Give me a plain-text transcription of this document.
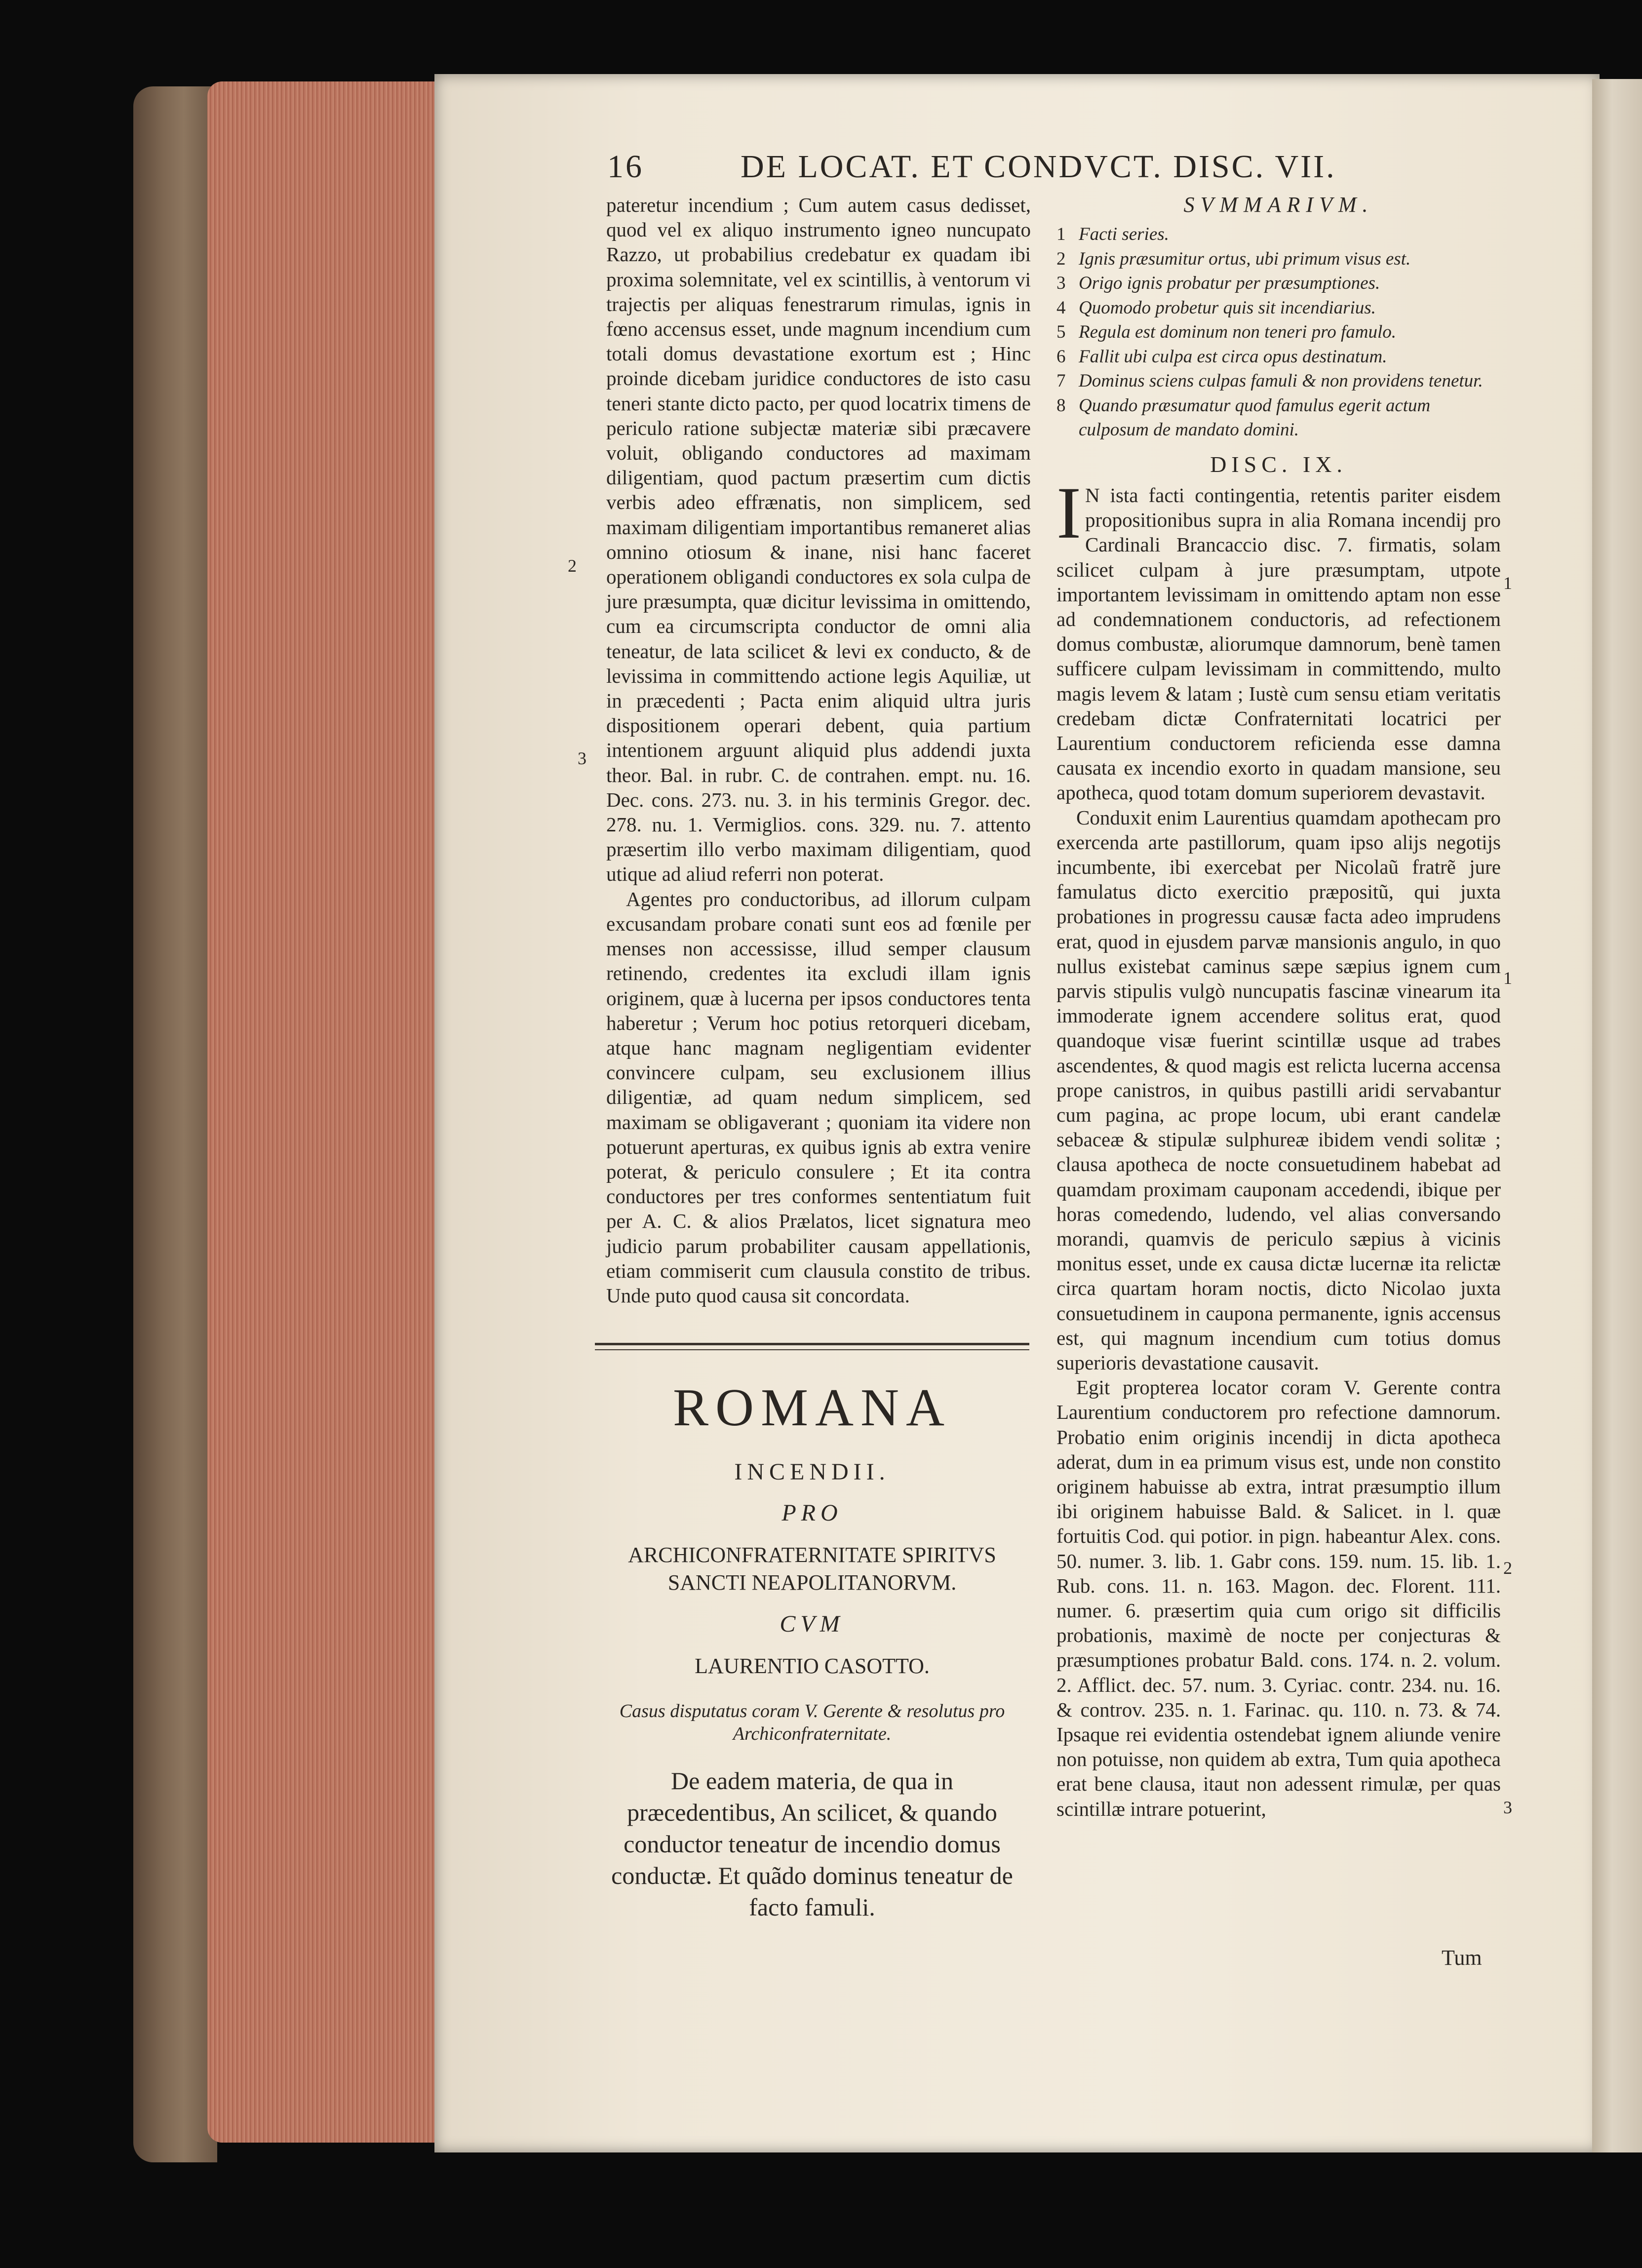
16	DE LOCAT. ET CONDVCT. DISC. VII.

pateretur incendium ; Cum autem casus dedisset, quod vel ex aliquo instrumento igneo nuncupato Razzo, ut probabilius credebatur ex quadam ibi proxima solemnitate, vel ex scintillis, à ventorum vi trajectis per aliquas fenestrarum rimulas, ignis in fœno accensus esset, unde magnum incendium cum totali domus devastatione exortum est ; Hinc proinde dicebam juridice conductores de isto casu teneri stante dicto pacto, per quod locatrix timens de periculo ratione subjectæ materiæ sibi præcavere voluit, obligando conductores ad maximam diligentiam, quod pactum præsertim cum dictis verbis adeo effrænatis, non simplicem, sed maximam diligentiam importantibus remaneret alias omnino otiosum & inane, nisi hanc faceret operationem obligandi conductores ex sola culpa de jure præsumpta, quæ dicitur levissima in omittendo, cum ea circumscripta conductor de omni alia teneatur, de lata scilicet & levi ex conducto, & de levissima in committendo actione legis Aquiliæ, ut in præcedenti ; Pacta enim aliquid ultra juris dispositionem operari debent, quia partium intentionem arguunt aliquid plus addendi juxta theor. Bal. in rubr. C. de contrahen. empt. nu. 16. Dec. cons. 273. nu. 3. in his terminis Gregor. dec. 278. nu. 1. Vermiglios. cons. 329. nu. 7. attento præsertim illo verbo maximam diligentiam, quod utique ad aliud referri non poterat.

Agentes pro conductoribus, ad illorum culpam excusandam probare conati sunt eos ad fœnile per menses non accessisse, illud semper clausum retinendo, credentes ita excludi illam ignis originem, quæ à lucerna per ipsos conductores tenta haberetur ; Verum hoc potius retorqueri dicebam, atque hanc magnam negligentiam evidenter convincere culpam, seu exclusionem illius diligentiæ, ad quam nedum simplicem, sed maximam se obligaverant ; quoniam ita videre non potuerunt aperturas, ex quibus ignis ab extra venire poterat, & periculo consulere ; Et ita contra conductores per tres conformes sententiatum fuit per A. C. & alios Prælatos, licet signatura meo judicio parum probabiliter causam appellationis, etiam commiserit cum clausula constito de tribus. Unde puto quod causa sit concordata.

2
3
ROMANA
INCENDII.
PRO
ARCHICONFRATERNITATE SPIRITVS SANCTI NEAPOLITANORVM.
CVM
LAURENTIO CASOTTO.
Casus disputatus coram V. Gerente & resolutus pro Archiconfraternitate.
De eadem materia, de qua in præcedentibus, An scilicet, & quando conductor teneatur de incendio domus conductæ. Et quãdo dominus teneatur de facto famuli.
SVMMARIVM.
1 Facti series.
2 Ignis præsumitur ortus, ubi primum visus est.
3 Origo ignis probatur per præsumptiones.
4 Quomodo probetur quis sit incendiarius.
5 Regula est dominum non teneri pro famulo.
6 Fallit ubi culpa est circa opus destinatum.
7 Dominus sciens culpas famuli & non providens tenetur.
8 Quando præsumatur quod famulus egerit actum culposum de mandato domini.
DISC. IX.

I N ista facti contingentia, retentis pariter eisdem propositionibus supra in alia Romana incendij pro Cardinali Brancaccio disc. 7. firmatis, solam scilicet culpam à jure præsumptam, utpote importantem levissimam in omittendo aptam non esse ad condemnationem conductoris, ad refectionem domus combustæ, aliorumque damnorum, benè tamen sufficere culpam levissimam in committendo, multo magis levem & latam ; Iustè cum sensu etiam veritatis credebam dictæ Confraternitati locatrici per Laurentium conductorem reficienda esse damna causata ex incendio exorto in quadam mansione, seu apotheca, quod totam domum superiorem devastavit.

Conduxit enim Laurentius quamdam apothecam pro exercenda arte pastillorum, quam ipso alijs negotijs incumbente, ibi exercebat per Nicolaũ fratrẽ jure famulatus dicto exercitio præpositũ, qui juxta probationes in progressu causæ facta adeo imprudens erat, quod in ejusdem parvæ mansionis angulo, in quo nullus existebat caminus sæpe sæpius ignem cum parvis stipulis vulgò nuncupatis fascinæ vinearum ita immoderate ignem accendere solitus erat, quod quandoque visæ fuerint scintillæ usque ad trabes ascendentes, & quod magis est relicta lucerna accensa prope canistros, in quibus pastilli aridi servabantur cum pagina, ac prope locum, ubi erant candelæ sebaceæ & stipulæ sulphureæ ibidem vendi solitæ ; clausa apotheca de nocte consuetudinem habebat ad quamdam proximam cauponam accedendi, ibique per horas comedendo, ludendo, vel alias conversando morandi, quamvis de periculo sæpius à vicinis monitus esset, unde ex causa dictæ lucernæ ita relictæ circa quartam horam noctis, dicto Nicolao juxta consuetudinem in caupona permanente, ignis accensus est, qui magnum incendium cum totius domus superioris devastatione causavit.

Egit propterea locator coram V. Gerente contra Laurentium conductorem pro refectione damnorum. Probatio enim originis incendij in dicta apotheca aderat, dum in ea primum visus est, unde non constito originem habuisse ab extra, intrat præsumptio illum ibi originem habuisse Bald. & Salicet. in l. quæ fortuitis Cod. qui potior. in pign. habeantur Alex. cons. 50. numer. 3. lib. 1. Gabr cons. 159. num. 15. lib. 1. Rub. cons. 11. n. 163. Magon. dec. Florent. 111. numer. 6. præsertim quia cum origo sit difficilis probationis, maximè de nocte per conjecturas & præsumptiones probatur Bald. cons. 174. n. 2. volum. 2. Afflict. dec. 57. num. 3. Cyriac. contr. 234. nu. 16. & controv. 235. n. 1. Farinac. qu. 110. n. 73. & 74. Ipsaque rei evidentia ostendebat ignem aliunde venire non potuisse, non quidem ab extra, Tum quia apotheca erat bene clausa, itaut non adessent rimulæ, per quas scintillæ intrare potuerint,

1
1
2
3
Tum
